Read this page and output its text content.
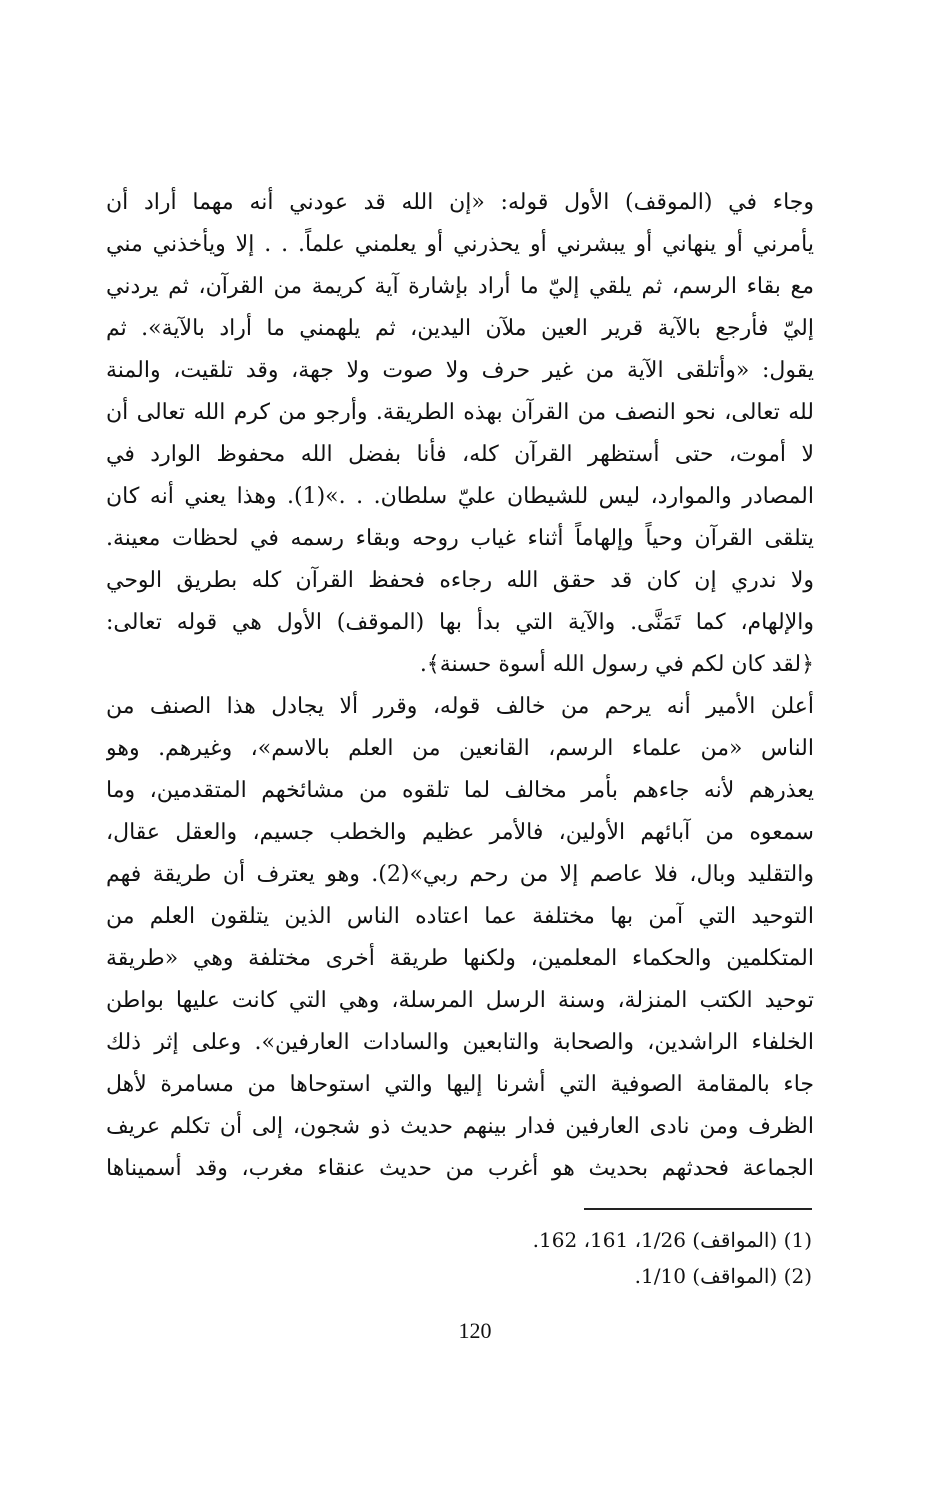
وجاء في (الموقف) الأول قوله: «إن الله قد عودني أنه مهما أراد أن
يأمرني أو ينهاني أو يبشرني أو يحذرني أو يعلمني علماً. . . إلا ويأخذني مني
مع بقاء الرسم، ثم يلقي إليّ ما أراد بإشارة آية كريمة من القرآن، ثم يردني
إليّ فأرجع بالآية قرير العين ملآن اليدين، ثم يلهمني ما أراد بالآية». ثم
يقول: «وأتلقى الآية من غير حرف ولا صوت ولا جهة، وقد تلقيت، والمنة
لله تعالى، نحو النصف من القرآن بهذه الطريقة. وأرجو من كرم الله تعالى أن
لا أموت، حتى أستظهر القرآن كله، فأنا بفضل الله محفوظ الوارد في
المصادر والموارد، ليس للشيطان عليّ سلطان. . .»(1). وهذا يعني أنه كان
يتلقى القرآن وحياً وإلهاماً أثناء غياب روحه وبقاء رسمه في لحظات معينة.
ولا ندري إن كان قد حقق الله رجاءه فحفظ القرآن كله بطريق الوحي
والإلهام، كما تَمَنَّى. والآية التي بدأ بها (الموقف) الأول هي قوله تعالى:
﴿لقد كان لكم في رسول الله أسوة حسنة﴾.
أعلن الأمير أنه يرحم من خالف قوله، وقرر ألا يجادل هذا الصنف من
الناس «من علماء الرسم، القانعين من العلم بالاسم»، وغيرهم. وهو
يعذرهم لأنه جاءهم بأمر مخالف لما تلقوه من مشائخهم المتقدمين، وما
سمعوه من آبائهم الأولين، فالأمر عظيم والخطب جسيم، والعقل عقال،
والتقليد وبال، فلا عاصم إلا من رحم ربي»(2). وهو يعترف أن طريقة فهم
التوحيد التي آمن بها مختلفة عما اعتاده الناس الذين يتلقون العلم من
المتكلمين والحكماء المعلمين، ولكنها طريقة أخرى مختلفة وهي «طريقة
توحيد الكتب المنزلة، وسنة الرسل المرسلة، وهي التي كانت عليها بواطن
الخلفاء الراشدين، والصحابة والتابعين والسادات العارفين». وعلى إثر ذلك
جاء بالمقامة الصوفية التي أشرنا إليها والتي استوحاها من مسامرة لأهل
الظرف ومن نادى العارفين فدار بينهم حديث ذو شجون، إلى أن تكلم عريف
الجماعة فحدثهم بحديث هو أغرب من حديث عنقاء مغرب، وقد أسميناها
(1) (المواقف) 1/26، 161، 162.
(2) (المواقف) 1/10.
120
